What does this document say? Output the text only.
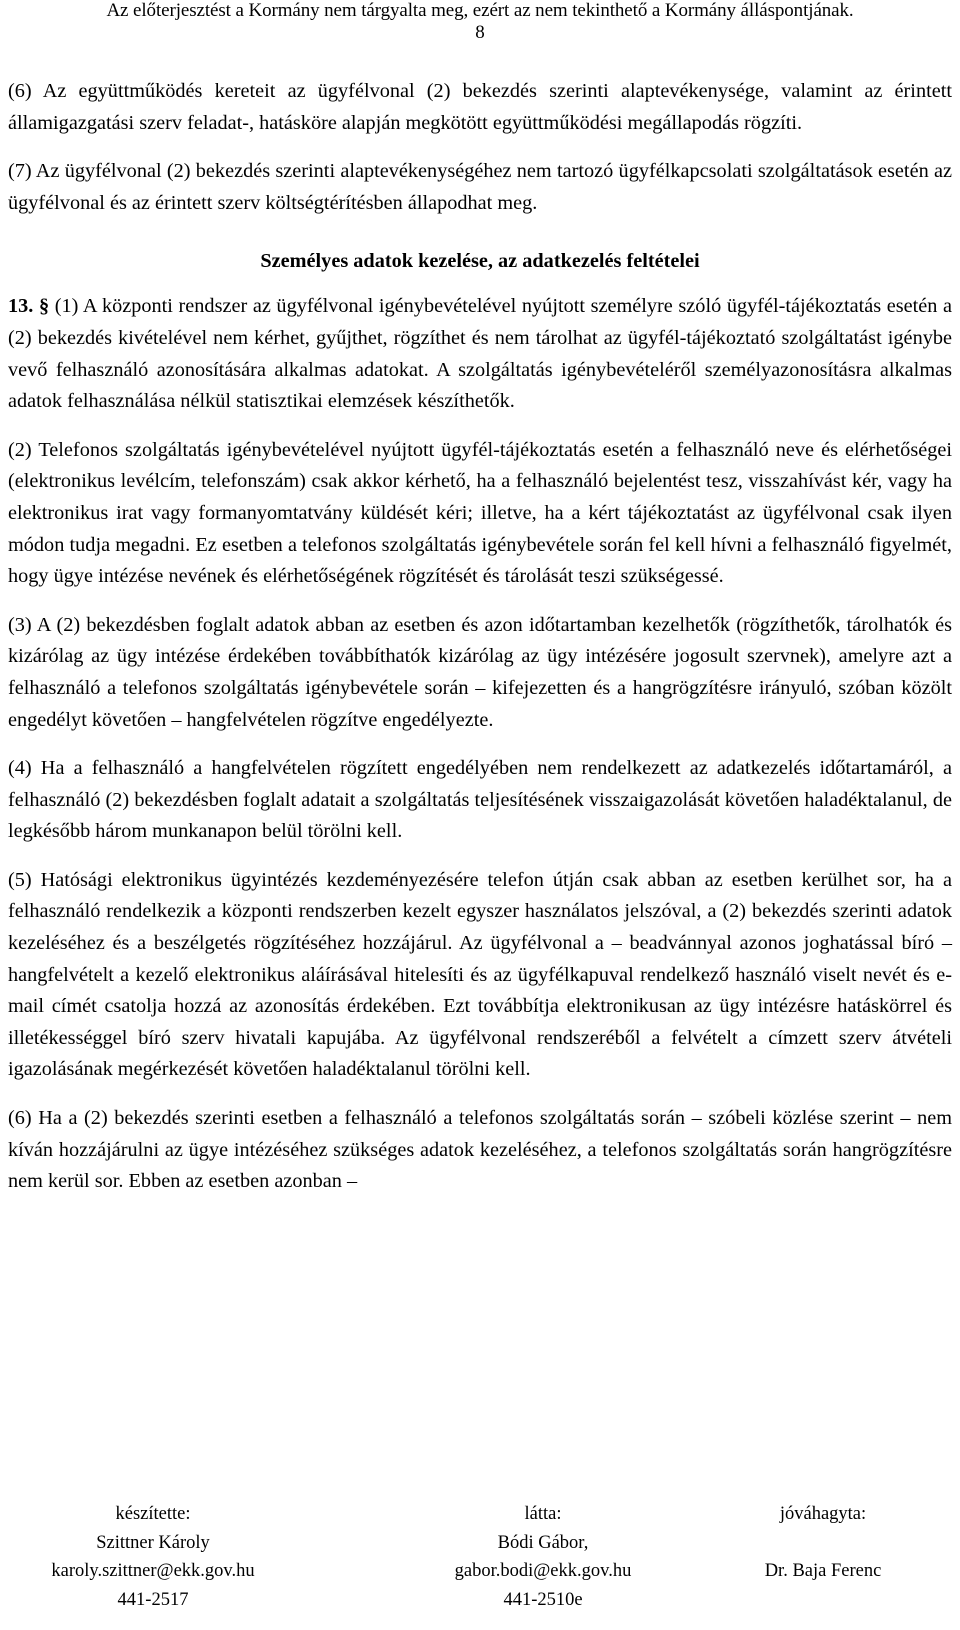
Az előterjesztést a Kormány nem tárgyalta meg, ezért az nem tekinthető a Kormány álláspontjának.
8

(6) Az együttműködés kereteit az ügyfélvonal (2) bekezdés szerinti alaptevékenysége, valamint az érintett államigazgatási szerv feladat-, hatásköre alapján megkötött együttműködési megállapodás rögzíti.

(7) Az ügyfélvonal (2) bekezdés szerinti alaptevékenységéhez nem tartozó ügyfélkapcsolati szolgáltatások esetén az ügyfélvonal és az érintett szerv költségtérítésben állapodhat meg.

Személyes adatok kezelése, az adatkezelés feltételei

13. § (1) A központi rendszer az ügyfélvonal igénybevételével nyújtott személyre szóló ügyfél-tájékoztatás esetén a (2) bekezdés kivételével nem kérhet, gyűjthet, rögzíthet és nem tárolhat az ügyfél-tájékoztató szolgáltatást igénybe vevő felhasználó azonosítására alkalmas adatokat. A szolgáltatás igénybevételéről személyazonosításra alkalmas adatok felhasználása nélkül statisztikai elemzések készíthetők.

(2) Telefonos szolgáltatás igénybevételével nyújtott ügyfél-tájékoztatás esetén a felhasználó neve és elérhetőségei (elektronikus levélcím, telefonszám) csak akkor kérhető, ha a felhasználó bejelentést tesz, visszahívást kér, vagy ha elektronikus irat vagy formanyomtatvány küldését kéri; illetve, ha a kért tájékoztatást az ügyfélvonal csak ilyen módon tudja megadni. Ez esetben a telefonos szolgáltatás igénybevétele során fel kell hívni a felhasználó figyelmét, hogy ügye intézése nevének és elérhetőségének rögzítését és tárolását teszi szükségessé.

(3) A (2) bekezdésben foglalt adatok abban az esetben és azon időtartamban kezelhetők (rögzíthetők, tárolhatók és kizárólag az ügy intézése érdekében továbbíthatók kizárólag az ügy intézésére jogosult szervnek), amelyre azt a felhasználó a telefonos szolgáltatás igénybevétele során – kifejezetten és a hangrögzítésre irányuló, szóban közölt engedélyt követően – hangfelvételen rögzítve engedélyezte.

(4) Ha a felhasználó a hangfelvételen rögzített engedélyében nem rendelkezett az adatkezelés időtartamáról, a felhasználó (2) bekezdésben foglalt adatait a szolgáltatás teljesítésének visszaigazolását követően haladéktalanul, de legkésőbb három munkanapon belül törölni kell.

(5) Hatósági elektronikus ügyintézés kezdeményezésére telefon útján csak abban az esetben kerülhet sor, ha a felhasználó rendelkezik a központi rendszerben kezelt egyszer használatos jelszóval, a (2) bekezdés szerinti adatok kezeléséhez és a beszélgetés rögzítéséhez hozzájárul. Az ügyfélvonal a – beadvánnyal azonos joghatással bíró – hangfelvételt a kezelő elektronikus aláírásával hitelesíti és az ügyfélkapuval rendelkező használó viselt nevét és e-mail címét csatolja hozzá az azonosítás érdekében. Ezt továbbítja elektronikusan az ügy intézésre hatáskörrel és illetékességgel bíró szerv hivatali kapujába. Az ügyfélvonal rendszeréből a felvételt a címzett szerv átvételi igazolásának megérkezését követően haladéktalanul törölni kell.

(6) Ha a (2) bekezdés szerinti esetben a felhasználó a telefonos szolgáltatás során – szóbeli közlése szerint – nem kíván hozzájárulni az ügye intézéséhez szükséges adatok kezeléséhez, a telefonos szolgáltatás során hangrögzítésre nem kerül sor. Ebben az esetben azonban –

készítette:
Szittner Károly
karoly.szittner@ekk.gov.hu
441-2517
látta:
Bódi Gábor,
gabor.bodi@ekk.gov.hu
441-2510e
jóváhagyta:
Dr. Baja Ferenc
